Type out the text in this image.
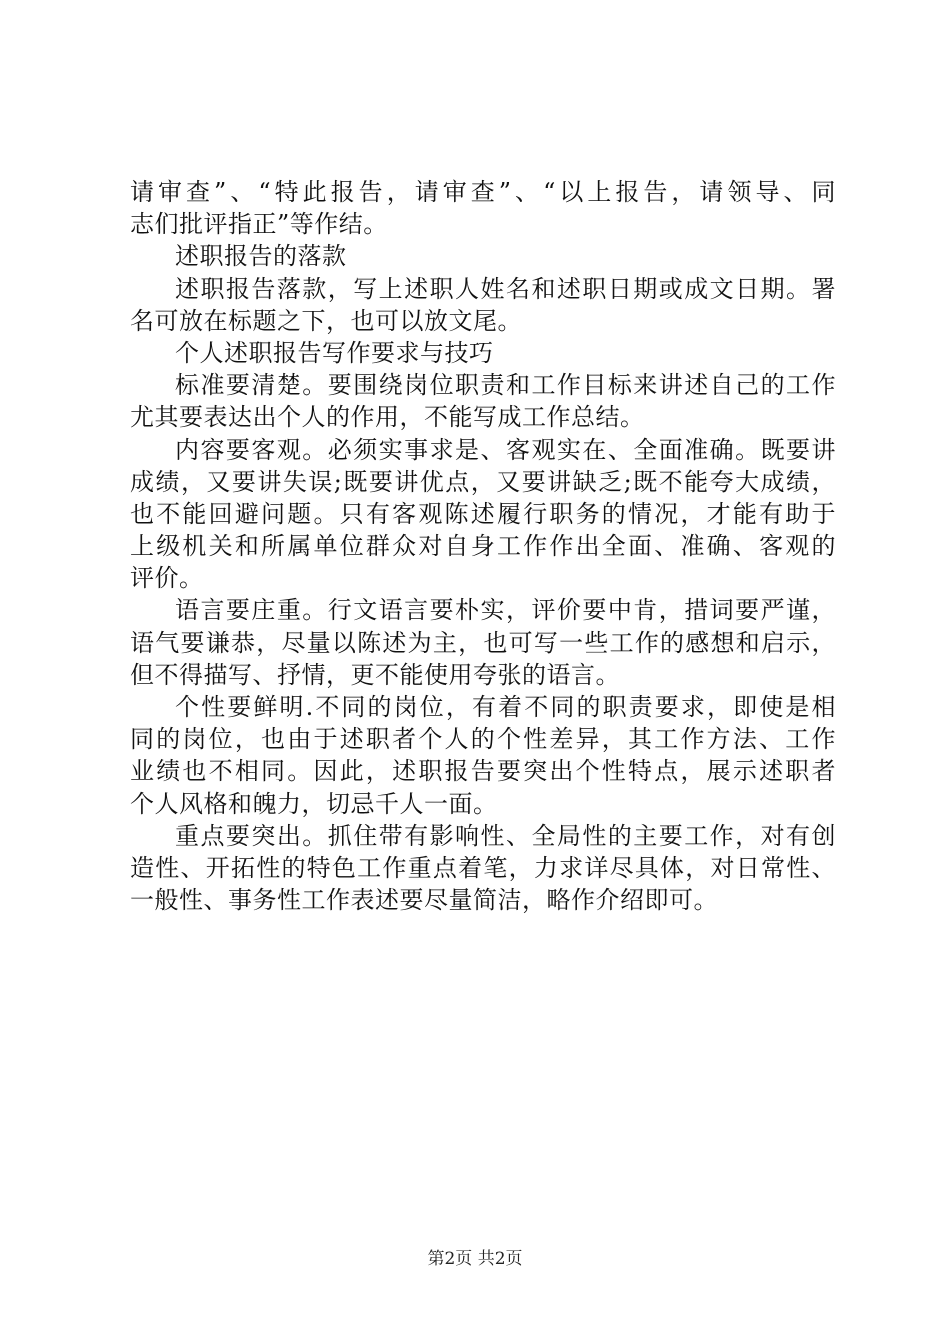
请审查”、“特此报告，请审查”、“以上报告，请领导、同
志们批评指正”等作结。
述职报告的落款
述职报告落款，写上述职人姓名和述职日期或成文日期。署
名可放在标题之下，也可以放文尾。
个人述职报告写作要求与技巧
标准要清楚。要围绕岗位职责和工作目标来讲述自己的工作
尤其要表达出个人的作用，不能写成工作总结。
内容要客观。必须实事求是、客观实在、全面准确。既要讲
成绩，又要讲失误;既要讲优点，又要讲缺乏;既不能夸大成绩，
也不能回避问题。只有客观陈述履行职务的情况，才能有助于
上级机关和所属单位群众对自身工作作出全面、准确、客观的
评价。
语言要庄重。行文语言要朴实，评价要中肯，措词要严谨，
语气要谦恭，尽量以陈述为主，也可写一些工作的感想和启示，
但不得描写、抒情，更不能使用夸张的语言。
个性要鲜明.不同的岗位，有着不同的职责要求，即使是相
同的岗位，也由于述职者个人的个性差异，其工作方法、工作
业绩也不相同。因此，述职报告要突出个性特点，展示述职者
个人风格和魄力，切忌千人一面。
重点要突出。抓住带有影响性、全局性的主要工作，对有创
造性、开拓性的特色工作重点着笔，力求详尽具体，对日常性、
一般性、事务性工作表述要尽量简洁，略作介绍即可。
第2页 共2页
